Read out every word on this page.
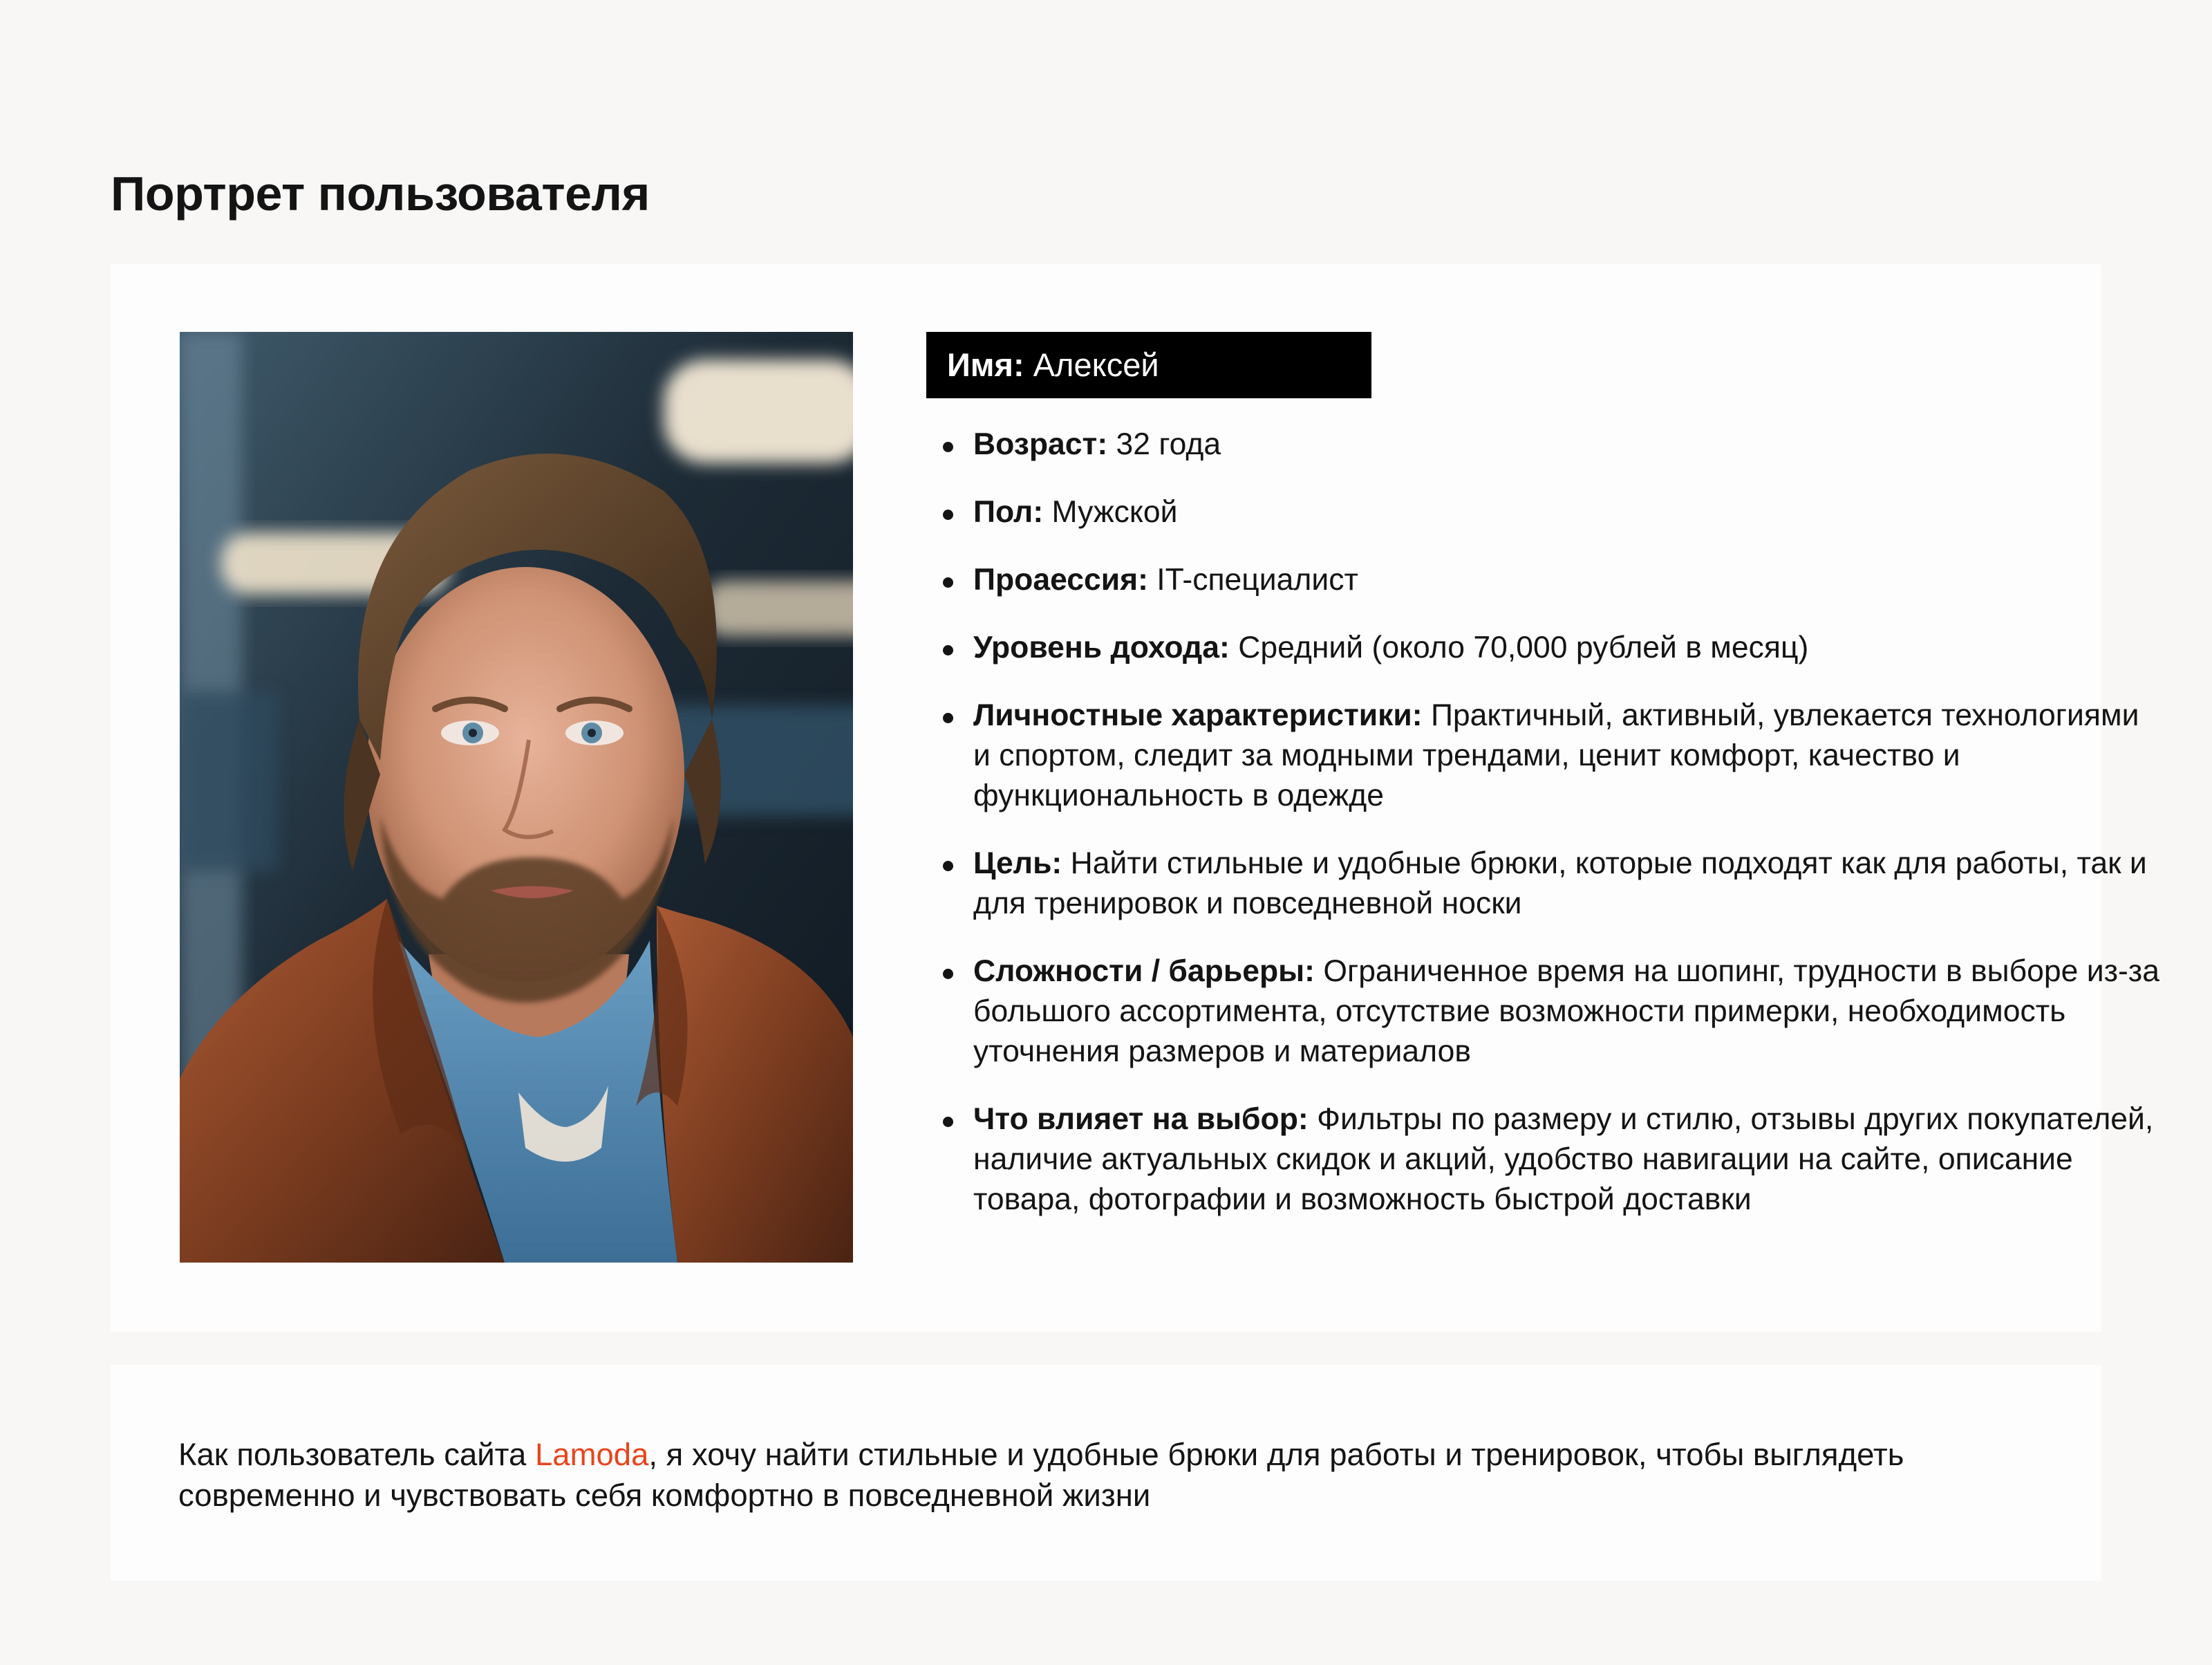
Портрет пользователя
Имя: Алексей
Возраст: 32 года
Пол: Мужской
Проаессия: IT-специалист
Уровень дохода: Средний (около 70,000 рублей в месяц)
Личностные характеристики: Практичный, активный, увлекается технологиями и спортом, следит за модными трендами, ценит комфорт, качество и функциональность в одежде
Цель: Найти стильные и удобные брюки, которые подходят как для работы, так и для тренировок и повседневной носки
Сложности / барьеры: Ограниченное время на шопинг, трудности в выборе из-за большого ассортимента, отсутствие возможности примерки, необходимость уточнения размеров и материалов
Что влияет на выбор: Фильтры по размеру и стилю, отзывы других покупателей, наличие актуальных скидок и акций, удобство навигации на сайте, описание товара, фотографии и возможность быстрой доставки

Как пользователь сайта Lamoda, я хочу найти стильные и удобные брюки для работы и тренировок, чтобы выглядеть современно и чувствовать себя комфортно в повседневной жизни
